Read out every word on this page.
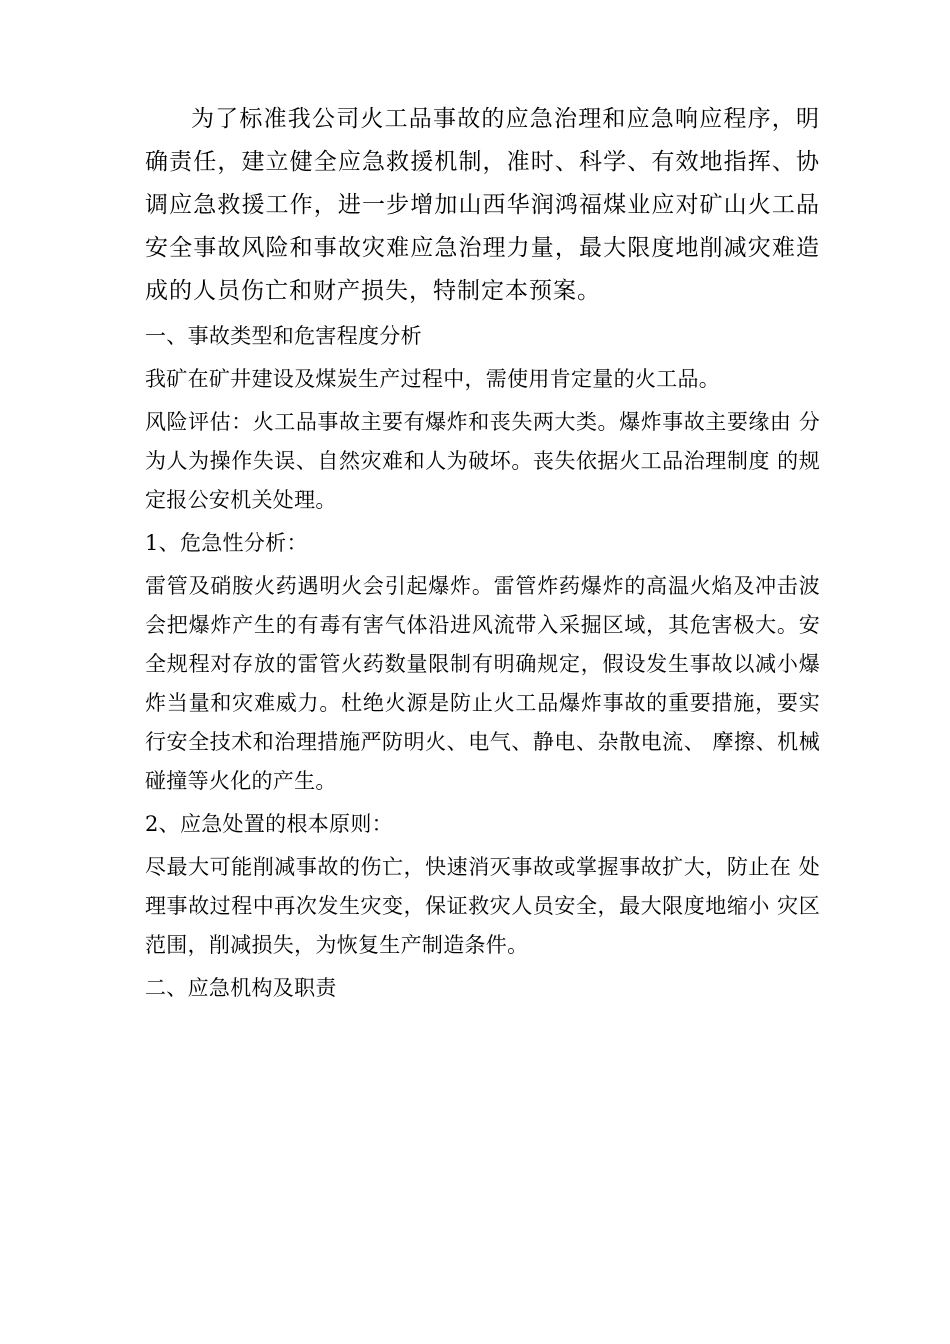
为了标准我公司火工品事故的应急治理和应急响应程序，明确责任，建立健全应急救援机制，准时、科学、有效地指挥、协调应急救援工作，进一步增加山西华润鸿福煤业应对矿山火工品安全事故风险和事故灾难应急治理力量，最大限度地削减灾难造成的人员伤亡和财产损失，特制定本预案。

一、事故类型和危害程度分析

我矿在矿井建设及煤炭生产过程中，需使用肯定量的火工品。

风险评估：火工品事故主要有爆炸和丧失两大类。爆炸事故主要缘由 分为人为操作失误、自然灾难和人为破坏。丧失依据火工品治理制度 的规定报公安机关处理。

1、危急性分析：

雷管及硝胺火药遇明火会引起爆炸。雷管炸药爆炸的高温火焰及冲击波会把爆炸产生的有毒有害气体沿进风流带入采掘区域，其危害极大。安全规程对存放的雷管火药数量限制有明确规定，假设发生事故以减小爆炸当量和灾难威力。杜绝火源是防止火工品爆炸事故的重要措施，要实行安全技术和治理措施严防明火、电气、静电、杂散电流、 摩擦、机械碰撞等火化的产生。

2、应急处置的根本原则：

尽最大可能削减事故的伤亡，快速消灭事故或掌握事故扩大，防止在 处理事故过程中再次发生灾变，保证救灾人员安全，最大限度地缩小 灾区范围，削减损失，为恢复生产制造条件。

二、应急机构及职责
